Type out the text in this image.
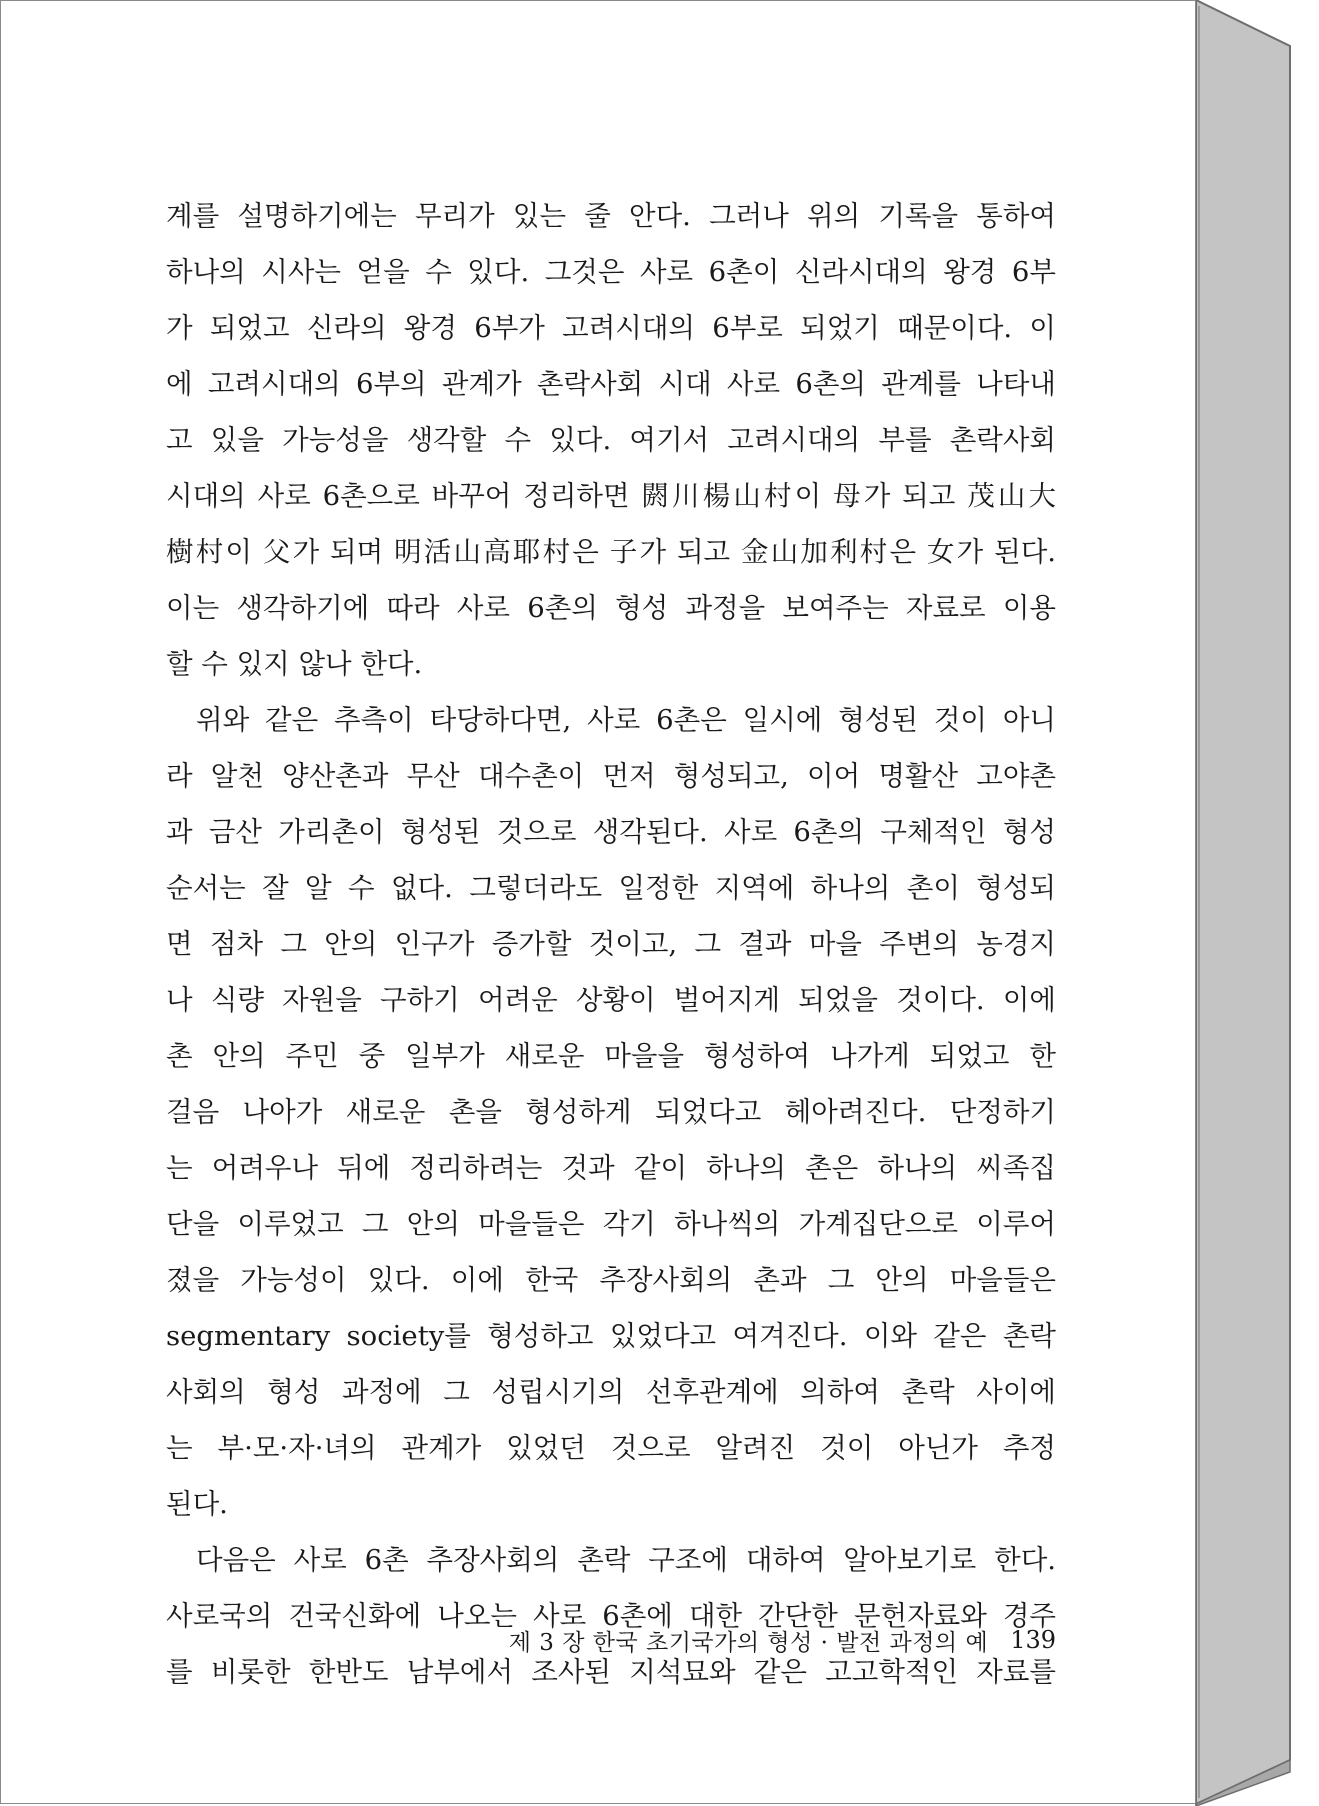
계를 설명하기에는 무리가 있는 줄 안다. 그러나 위의 기록을 통하여
하나의 시사는 얻을 수 있다. 그것은 사로 6촌이 신라시대의 왕경 6부
가 되었고 신라의 왕경 6부가 고려시대의 6부로 되었기 때문이다. 이
에 고려시대의 6부의 관계가 촌락사회 시대 사로 6촌의 관계를 나타내
고 있을 가능성을 생각할 수 있다. 여기서 고려시대의 부를 촌락사회
시대의 사로 6촌으로 바꾸어 정리하면 閼川楊山村이 母가 되고 茂山大
樹村이 父가 되며 明活山高耶村은 子가 되고 金山加利村은 女가 된다.
이는 생각하기에 따라 사로 6촌의 형성 과정을 보여주는 자료로 이용
할 수 있지 않나 한다.
위와 같은 추측이 타당하다면, 사로 6촌은 일시에 형성된 것이 아니
라 알천 양산촌과 무산 대수촌이 먼저 형성되고, 이어 명활산 고야촌
과 금산 가리촌이 형성된 것으로 생각된다. 사로 6촌의 구체적인 형성
순서는 잘 알 수 없다. 그렇더라도 일정한 지역에 하나의 촌이 형성되
면 점차 그 안의 인구가 증가할 것이고, 그 결과 마을 주변의 농경지
나 식량 자원을 구하기 어려운 상황이 벌어지게 되었을 것이다. 이에
촌 안의 주민 중 일부가 새로운 마을을 형성하여 나가게 되었고 한
걸음 나아가 새로운 촌을 형성하게 되었다고 헤아려진다. 단정하기
는 어려우나 뒤에 정리하려는 것과 같이 하나의 촌은 하나의 씨족집
단을 이루었고 그 안의 마을들은 각기 하나씩의 가계집단으로 이루어
졌을 가능성이 있다. 이에 한국 추장사회의 촌과 그 안의 마을들은
segmentary society를 형성하고 있었다고 여겨진다. 이와 같은 촌락
사회의 형성 과정에 그 성립시기의 선후관계에 의하여 촌락 사이에
는 부·모·자·녀의 관계가 있었던 것으로 알려진 것이 아닌가 추정
된다.
다음은 사로 6촌 추장사회의 촌락 구조에 대하여 알아보기로 한다.
사로국의 건국신화에 나오는 사로 6촌에 대한 간단한 문헌자료와 경주
를 비롯한 한반도 남부에서 조사된 지석묘와 같은 고고학적인 자료를
제 3 장 한국 초기국가의 형성 · 발전 과정의 예 139
